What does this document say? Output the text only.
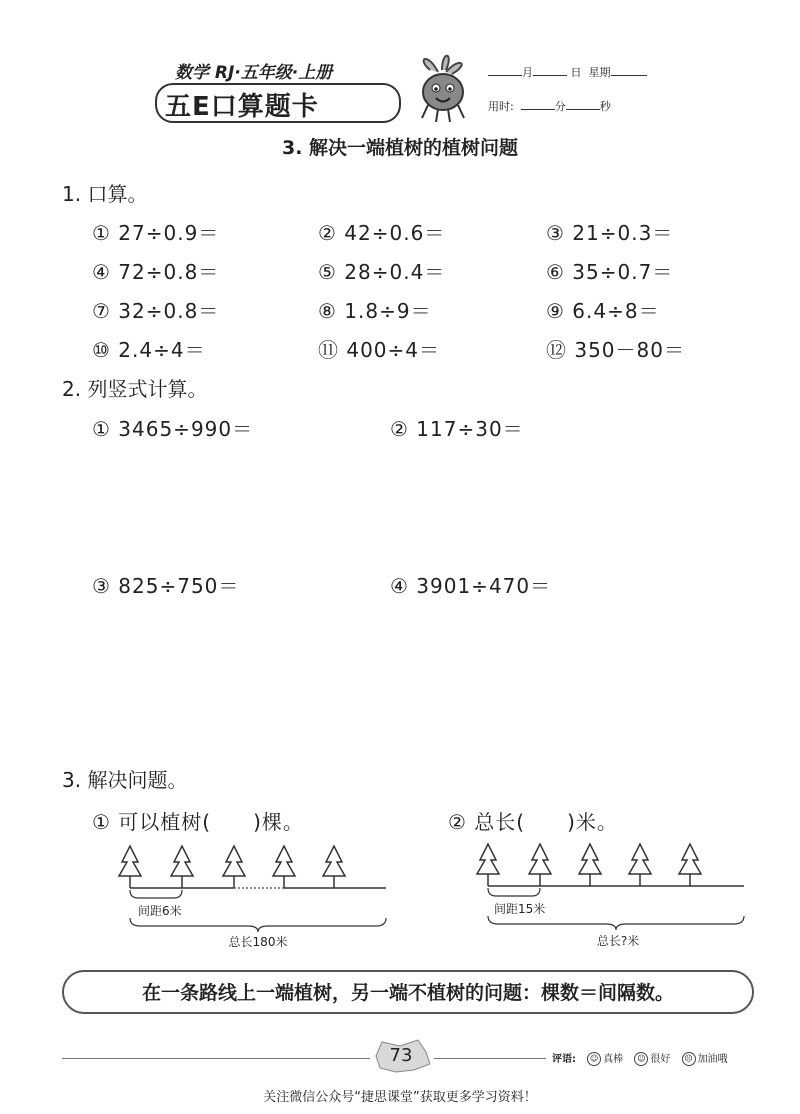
数学 RJ·五年级·上册
五E口算题卡
月	日 星期
用时:	分	秒
3. 解决一端植树的植树问题
1. 口算。
① 27÷0.9＝	② 42÷0.6＝	③ 21÷0.3＝
④ 72÷0.8＝	⑤ 28÷0.4＝	⑥ 35÷0.7＝
⑦ 32÷0.8＝	⑧ 1.8÷9＝	⑨ 6.4÷8＝
⑩ 2.4÷4＝	⑪ 400÷4＝	⑫ 350－80＝
2. 列竖式计算。
① 3465÷990＝	② 117÷30＝
③ 825÷750＝	④ 3901÷470＝
3. 解决问题。
① 可以植树(　　)棵。	② 总长(　　)米。
间距6米
总长180米
间距15米
总长?米
在一条路线上一端植树，另一端不植树的问题：棵数＝间隔数。
73	评语: ☺ 真棒 ☺ 很好 ☹ 加油哦
关注微信公众号“捷思课堂”获取更多学习资料！
